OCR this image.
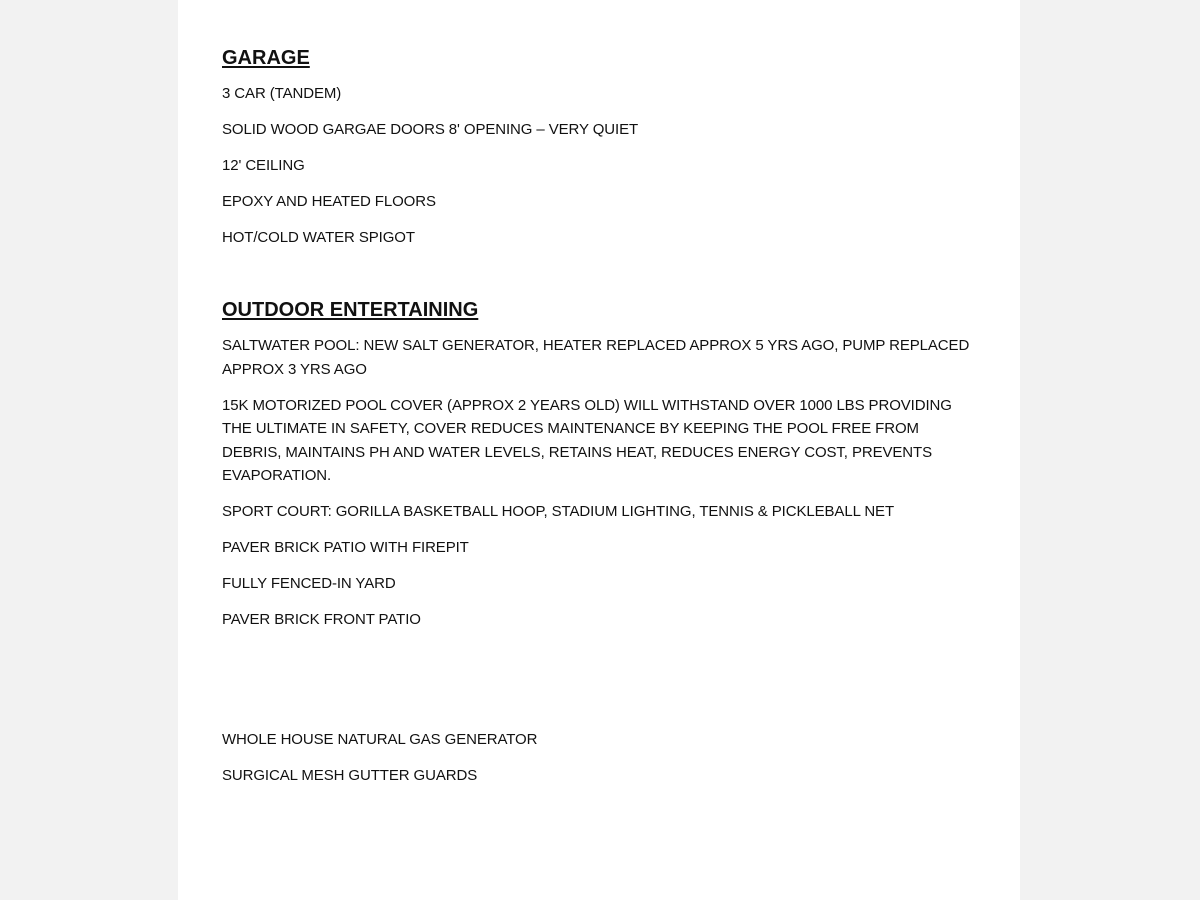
GARAGE
3 CAR (TANDEM)
SOLID WOOD GARGAE DOORS 8' OPENING – VERY QUIET
12' CEILING
EPOXY AND HEATED FLOORS
HOT/COLD WATER SPIGOT
OUTDOOR ENTERTAINING
SALTWATER POOL: NEW SALT GENERATOR, HEATER REPLACED APPROX 5 YRS AGO, PUMP REPLACED APPROX 3 YRS AGO
15K MOTORIZED POOL COVER (APPROX 2 YEARS OLD) WILL WITHSTAND OVER 1000 LBS PROVIDING THE ULTIMATE IN SAFETY, COVER REDUCES MAINTENANCE BY KEEPING THE POOL FREE FROM DEBRIS, MAINTAINS PH AND WATER LEVELS, RETAINS HEAT, REDUCES ENERGY COST, PREVENTS EVAPORATION.
SPORT COURT: GORILLA BASKETBALL HOOP, STADIUM LIGHTING, TENNIS & PICKLEBALL NET
PAVER BRICK PATIO WITH FIREPIT
FULLY FENCED-IN YARD
PAVER BRICK FRONT PATIO
WHOLE HOUSE NATURAL GAS GENERATOR
SURGICAL MESH GUTTER GUARDS
